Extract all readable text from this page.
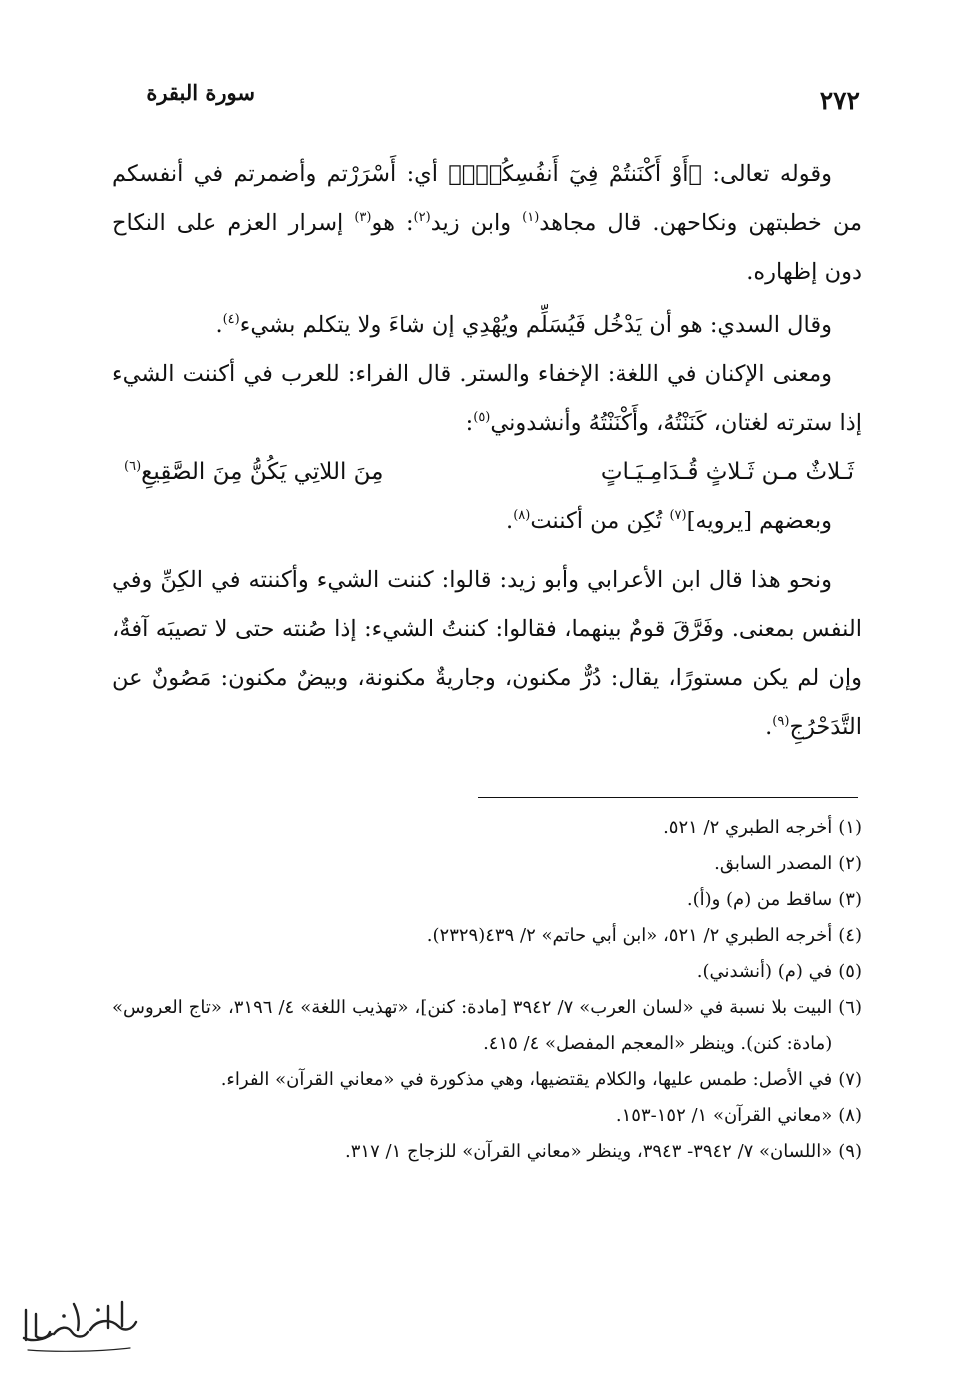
سورة البقرة	٢٧٢

وقوله تعالى: ﴿أَوْ أَكْنَنتُمْ فِيٓ أَنفُسِكُمْۚ﴾ أي: أَسْرَرْتم وأضمرتم في أنفسكم من خطبتهن ونكاحهن. قال مجاهد$^{(١)}$ وابن زيد$^{(٢)}$: هو$^{(٣)}$ إسرار العزم على النكاح دون إظهاره.

وقال السدي: هو أن يَدْخُل فَيُسَلِّم ويُهْدِي إن شاءَ ولا يتكلم بشيء$^{(٤)}$.

ومعنى الإكنان في اللغة: الإخفاء والستر. قال الفراء: للعرب في أكننت الشيء إذا سترته لغتان، كَنَنْتُهُ، وأَكْنَنْتُهُ وأنشدوني$^{(٥)}$:

ثَـلاثٌ مـن ثَـلاثٍ قُـدَامِـيَـاتٍ
مِنَ اللاتِي يَكُنُّ مِنَ الصَّقِيعِ$^{(٦)}$

وبعضهم [يرويه]$^{(٧)}$ تُكِن من أكننت$^{(٨)}$.

ونحو هذا قال ابن الأعرابي وأبو زيد: قالوا: كننت الشيء وأكننته في الكِنِّ وفي النفس بمعنى. وفَرَّقَ قومٌ بينهما، فقالوا: كننتُ الشيء: إذا صُنته حتى لا تصيبَه آفةٌ، وإن لم يكن مستورًا، يقال: دُرٌّ مكنون، وجاريةٌ مكنونة، وبيضٌ مكنون: مَصُونٌ عن التَّدَحْرُجِ$^{(٩)}$.

(١)
أخرجه الطبري ٢/ ٥٢١.
(٢)
المصدر السابق.
(٣)
ساقط من (م) و(أ).
(٤)
أخرجه الطبري ٢/ ٥٢١، «ابن أبي حاتم» ٢/ ٤٣٩(٢٣٢٩).
(٥)
في (م) (أنشدني).
(٦)
البيت بلا نسبة في «لسان العرب» ٧/ ٣٩٤٢ [مادة: كنن]، «تهذيب اللغة» ٤/ ٣١٩٦، «تاج العروس» (مادة: كنن). وينظر «المعجم المفصل» ٤/ ٤١٥.
(٧)
في الأصل: طمس عليها، والكلام يقتضيها، وهي مذكورة في «معاني القرآن» الفراء.
(٨)
«معاني القرآن» ١/ ١٥٢-١٥٣.
(٩)
«اللسان» ٧/ ٣٩٤٢- ٣٩٤٣، وينظر «معاني القرآن» للزجاج ١/ ٣١٧.
